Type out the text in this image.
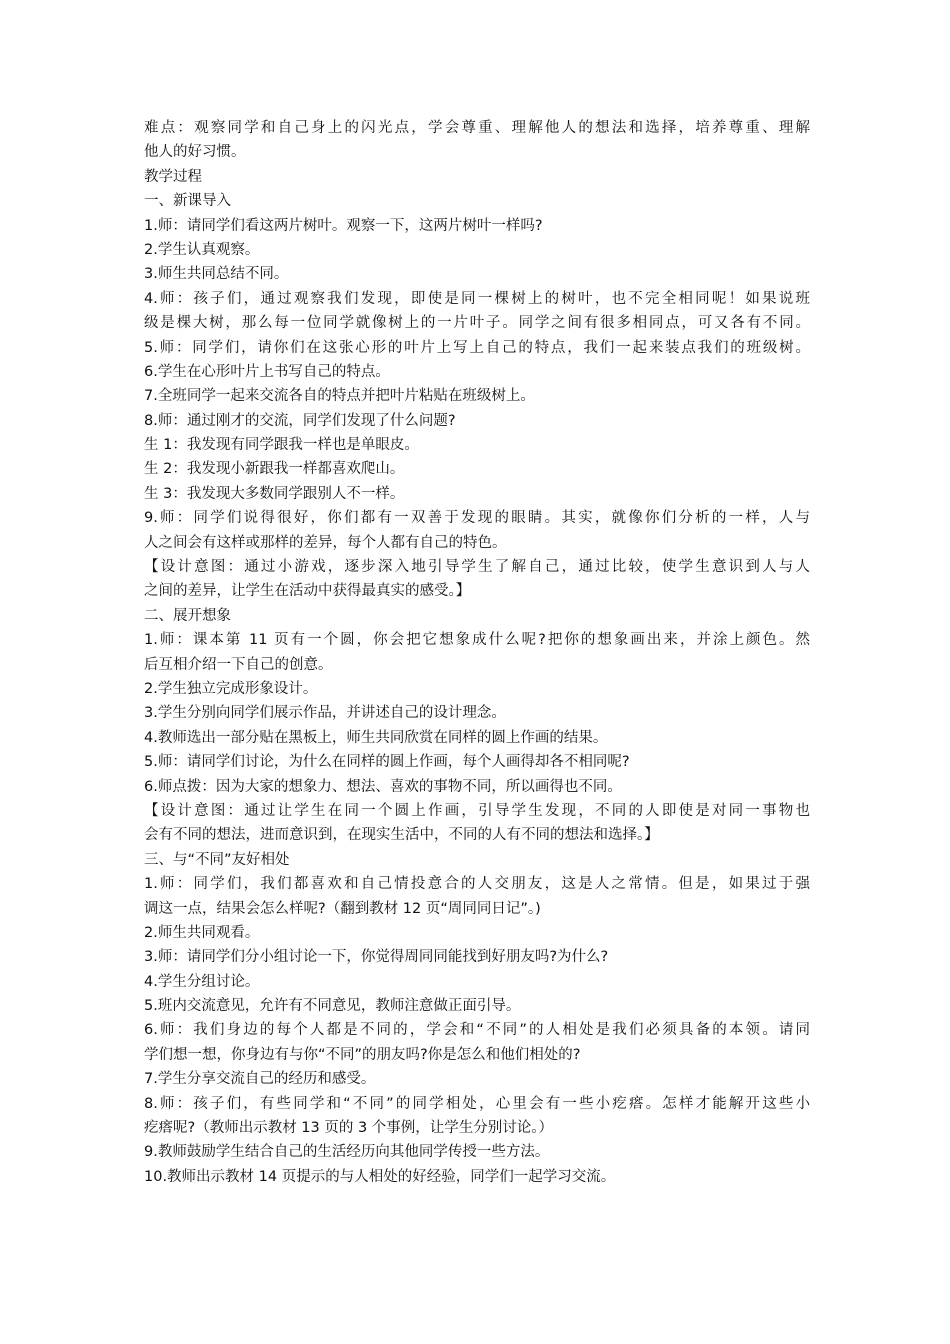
难点：观察同学和自己身上的闪光点，学会尊重、理解他人的想法和选择，培养尊重、理解
他人的好习惯。
教学过程
一、新课导入
1.师：请同学们看这两片树叶。观察一下，这两片树叶一样吗?
2.学生认真观察。
3.师生共同总结不同。
4.师：孩子们，通过观察我们发现，即使是同一棵树上的树叶，也不完全相同呢！如果说班
级是棵大树，那么每一位同学就像树上的一片叶子。同学之间有很多相同点，可又各有不同。
5.师：同学们，请你们在这张心形的叶片上写上自己的特点，我们一起来装点我们的班级树。
6.学生在心形叶片上书写自己的特点。
7.全班同学一起来交流各自的特点并把叶片粘贴在班级树上。
8.师：通过刚才的交流，同学们发现了什么问题?
生 1：我发现有同学跟我一样也是单眼皮。
生 2：我发现小新跟我一样都喜欢爬山。
生 3：我发现大多数同学跟别人不一样。
9.师：同学们说得很好，你们都有一双善于发现的眼睛。其实，就像你们分析的一样，人与
人之间会有这样或那样的差异，每个人都有自己的特色。
【设计意图：通过小游戏，逐步深入地引导学生了解自己，通过比较，使学生意识到人与人
之间的差异，让学生在活动中获得最真实的感受。】
二、展开想象
1.师：课本第 11 页有一个圆，你会把它想象成什么呢?把你的想象画出来，并涂上颜色。然
后互相介绍一下自己的创意。
2.学生独立完成形象设计。
3.学生分别向同学们展示作品，并讲述自己的设计理念。
4.教师选出一部分贴在黑板上，师生共同欣赏在同样的圆上作画的结果。
5.师：请同学们讨论，为什么在同样的圆上作画，每个人画得却各不相同呢?
6.师点拨：因为大家的想象力、想法、喜欢的事物不同，所以画得也不同。
【设计意图：通过让学生在同一个圆上作画，引导学生发现，不同的人即使是对同一事物也
会有不同的想法，进而意识到，在现实生活中，不同的人有不同的想法和选择。】
三、与“不同”友好相处
1.师：同学们，我们都喜欢和自己情投意合的人交朋友，这是人之常情。但是，如果过于强
调这一点，结果会怎么样呢?（翻到教材 12 页“周同同日记”。)
2.师生共同观看。
3.师：请同学们分小组讨论一下，你觉得周同同能找到好朋友吗?为什么?
4.学生分组讨论。
5.班内交流意见，允许有不同意见，教师注意做正面引导。
6.师：我们身边的每个人都是不同的，学会和“不同”的人相处是我们必须具备的本领。请同
学们想一想，你身边有与你“不同”的朋友吗?你是怎么和他们相处的?
7.学生分享交流自己的经历和感受。
8.师：孩子们，有些同学和“不同”的同学相处，心里会有一些小疙瘩。怎样才能解开这些小
疙瘩呢?（教师出示教材 13 页的 3 个事例，让学生分别讨论。）
9.教师鼓励学生结合自己的生活经历向其他同学传授一些方法。
10.教师出示教材 14 页提示的与人相处的好经验，同学们一起学习交流。
